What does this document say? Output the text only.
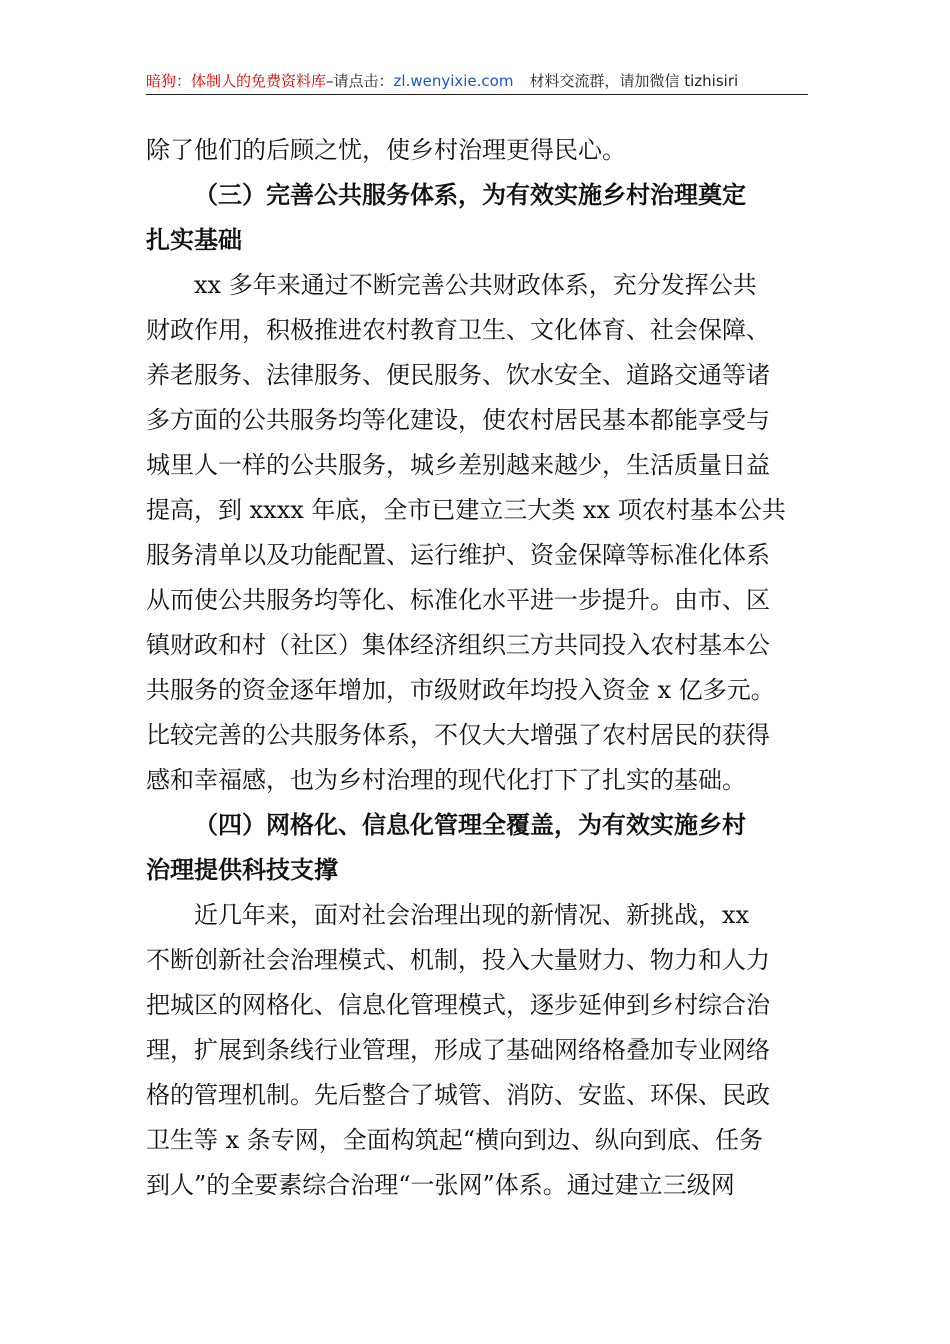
暗狗：体制人的免费资料库–请点击：zl.wenyixie.com 材料交流群，请加微信 tizhisiri
除了他们的后顾之忧，使乡村治理更得民心。
（三）完善公共服务体系，为有效实施乡村治理奠定
扎实基础
xx 多年来通过不断完善公共财政体系，充分发挥公共
财政作用，积极推进农村教育卫生、文化体育、社会保障、
养老服务、法律服务、便民服务、饮水安全、道路交通等诸
多方面的公共服务均等化建设，使农村居民基本都能享受与
城里人一样的公共服务，城乡差别越来越少，生活质量日益
提高，到 xxxx 年底，全市已建立三大类 xx 项农村基本公共
服务清单以及功能配置、运行维护、资金保障等标准化体系
从而使公共服务均等化、标准化水平进一步提升。由市、区
镇财政和村（社区）集体经济组织三方共同投入农村基本公
共服务的资金逐年增加，市级财政年均投入资金 x 亿多元。
比较完善的公共服务体系，不仅大大增强了农村居民的获得
感和幸福感，也为乡村治理的现代化打下了扎实的基础。
（四）网格化、信息化管理全覆盖，为有效实施乡村
治理提供科技支撑
近几年来，面对社会治理出现的新情况、新挑战，xx
不断创新社会治理模式、机制，投入大量财力、物力和人力
把城区的网格化、信息化管理模式，逐步延伸到乡村综合治
理，扩展到条线行业管理，形成了基础网络格叠加专业网络
格的管理机制。先后整合了城管、消防、安监、环保、民政
卫生等 x 条专网，全面构筑起“横向到边、纵向到底、任务
到人”的全要素综合治理“一张网”体系。通过建立三级网
